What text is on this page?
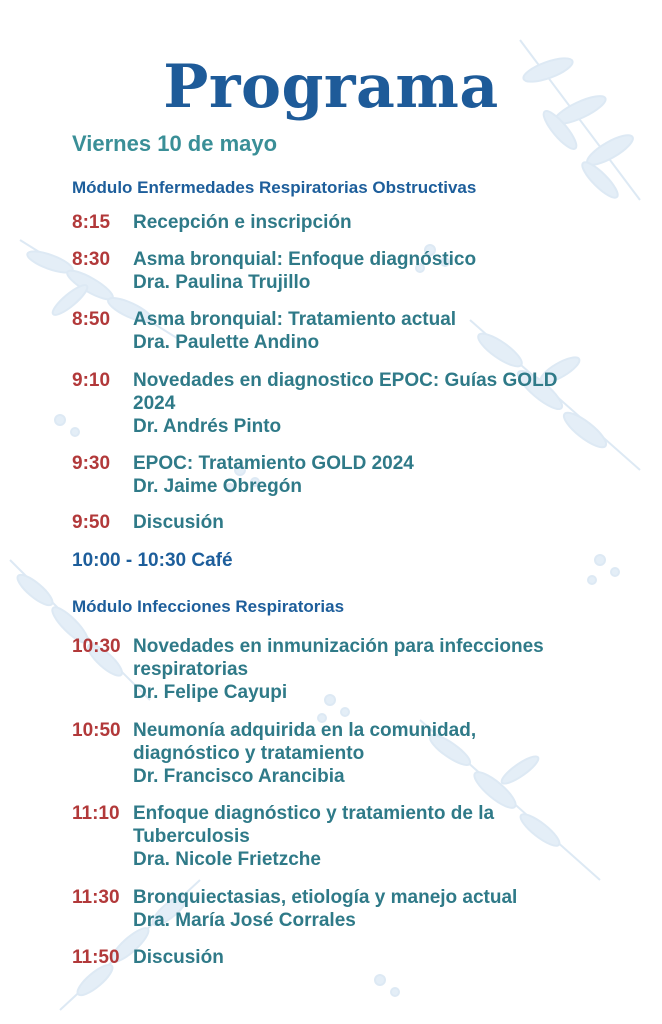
Programa
Viernes 10 de mayo
Módulo Enfermedades Respiratorias Obstructivas
8:15 Recepción e inscripción
8:30 Asma bronquial: Enfoque diagnóstico
Dra. Paulina Trujillo
8:50 Asma bronquial: Tratamiento actual
Dra. Paulette Andino
9:10 Novedades en diagnostico EPOC: Guías GOLD
2024
Dr. Andrés Pinto
9:30 EPOC: Tratamiento GOLD 2024
Dr. Jaime Obregón
9:50 Discusión
10:00 - 10:30 Café
Módulo Infecciones Respiratorias
10:30 Novedades en inmunización para infecciones
respiratorias
Dr. Felipe Cayupi
10:50 Neumonía adquirida en la comunidad,
diagnóstico y tratamiento
Dr. Francisco Arancibia
11:10 Enfoque diagnóstico y tratamiento de la
Tuberculosis
Dra. Nicole Frietzche
11:30 Bronquiectasias, etiología y manejo actual
Dra. María José Corrales
11:50 Discusión
